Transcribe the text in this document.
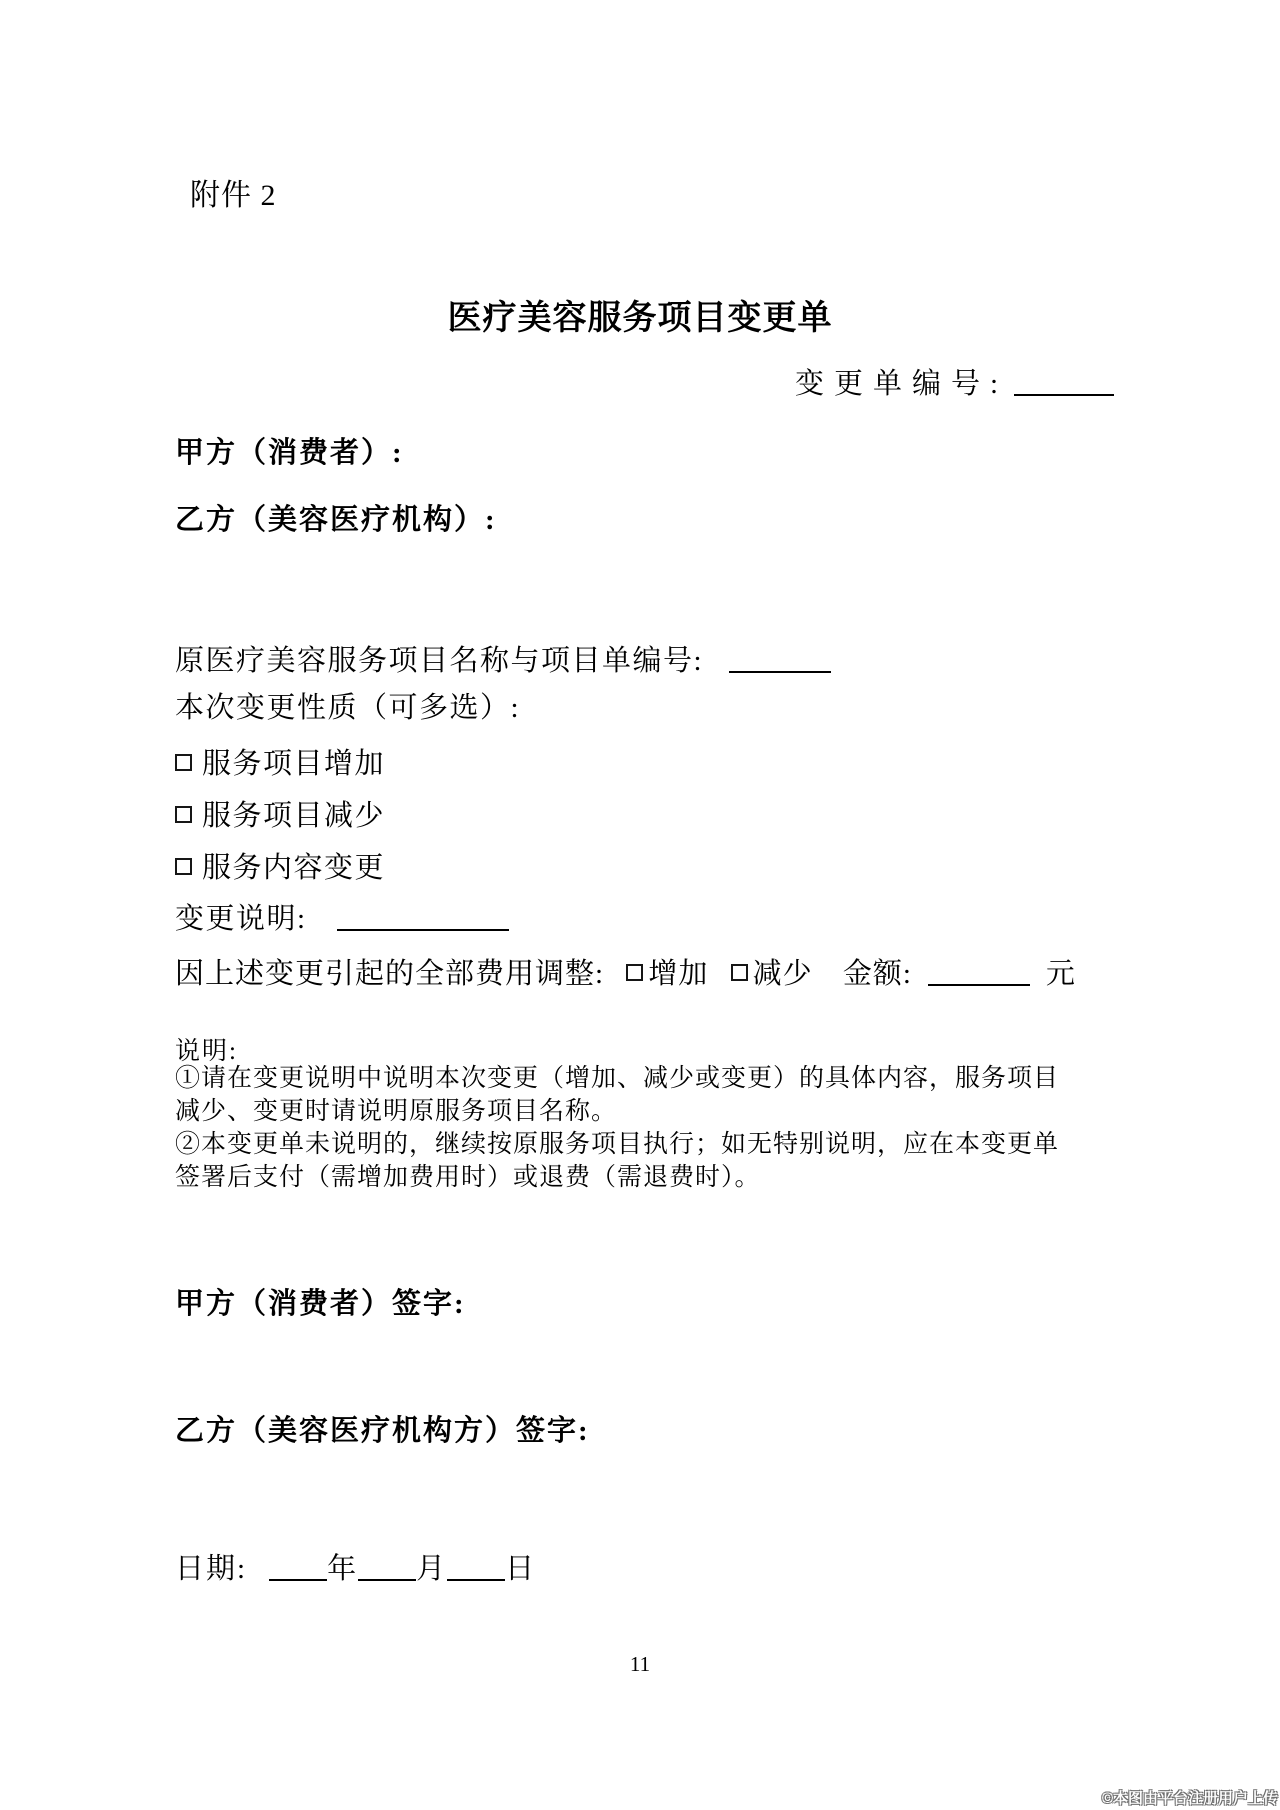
附件 2
医疗美容服务项目变更单
变更单编号:
甲方（消费者）:
乙方（美容医疗机构）:
原医疗美容服务项目名称与项目单编号:
本次变更性质（可多选）:
服务项目增加
服务项目减少
服务内容变更
变更说明:
因上述变更引起的全部费用调整: 增加 减少 金额:	元
说明:
①请在变更说明中说明本次变更（增加、减少或变更）的具体内容，服务项目
减少、变更时请说明原服务项目名称。
②本变更单未说明的，继续按原服务项目执行；如无特别说明，应在本变更单
签署后支付（需增加费用时）或退费（需退费时）。
甲方（消费者）签字:
乙方（美容医疗机构方）签字:
日期:	年 月 日
11
©本图由平台注册用户上传
